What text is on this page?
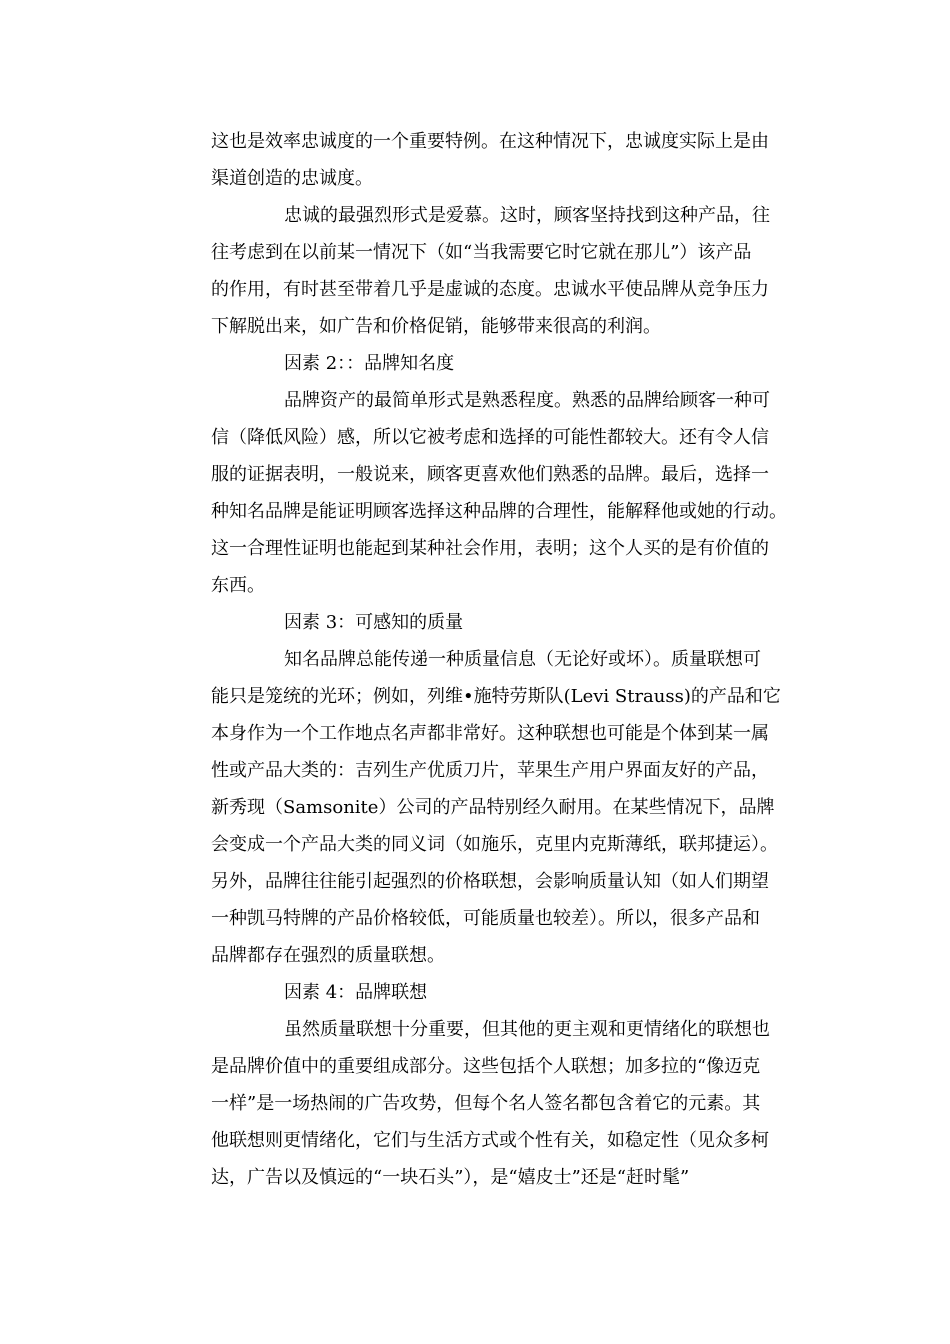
这也是效率忠诚度的一个重要特例。在这种情况下，忠诚度实际上是由
渠道创造的忠诚度。
忠诚的最强烈形式是爱慕。这时，顾客坚持找到这种产品，往
往考虑到在以前某一情况下（如“当我需要它时它就在那儿”）该产品
的作用，有时甚至带着几乎是虚诚的态度。忠诚水平使品牌从竞争压力
下解脱出来，如广告和价格促销，能够带来很高的利润。
因素 2：：品牌知名度
品牌资产的最简单形式是熟悉程度。熟悉的品牌给顾客一种可
信（降低风险）感，所以它被考虑和选择的可能性都较大。还有令人信
服的证据表明，一般说来，顾客更喜欢他们熟悉的品牌。最后，选择一
种知名品牌是能证明顾客选择这种品牌的合理性，能解释他或她的行动。
这一合理性证明也能起到某种社会作用，表明；这个人买的是有价值的
东西。
因素 3：可感知的质量
知名品牌总能传递一种质量信息（无论好或坏）。质量联想可
能只是笼统的光环；例如，列维•施特劳斯队(Levi Strauss)的产品和它
本身作为一个工作地点名声都非常好。这种联想也可能是个体到某一属
性或产品大类的：吉列生产优质刀片，苹果生产用户界面友好的产品，
新秀现（Samsonite）公司的产品特别经久耐用。在某些情况下，品牌
会变成一个产品大类的同义词（如施乐，克里内克斯薄纸，联邦捷运）。
另外，品牌往往能引起强烈的价格联想，会影响质量认知（如人们期望
一种凯马特牌的产品价格较低，可能质量也较差）。所以，很多产品和
品牌都存在强烈的质量联想。
因素 4：品牌联想
虽然质量联想十分重要，但其他的更主观和更情绪化的联想也
是品牌价值中的重要组成部分。这些包括个人联想；加多拉的“像迈克
一样”是一场热闹的广告攻势，但每个名人签名都包含着它的元素。其
他联想则更情绪化，它们与生活方式或个性有关，如稳定性（见众多柯
达，广告以及慎远的“一块石头”），是“嬉皮士”还是“赶时髦”
